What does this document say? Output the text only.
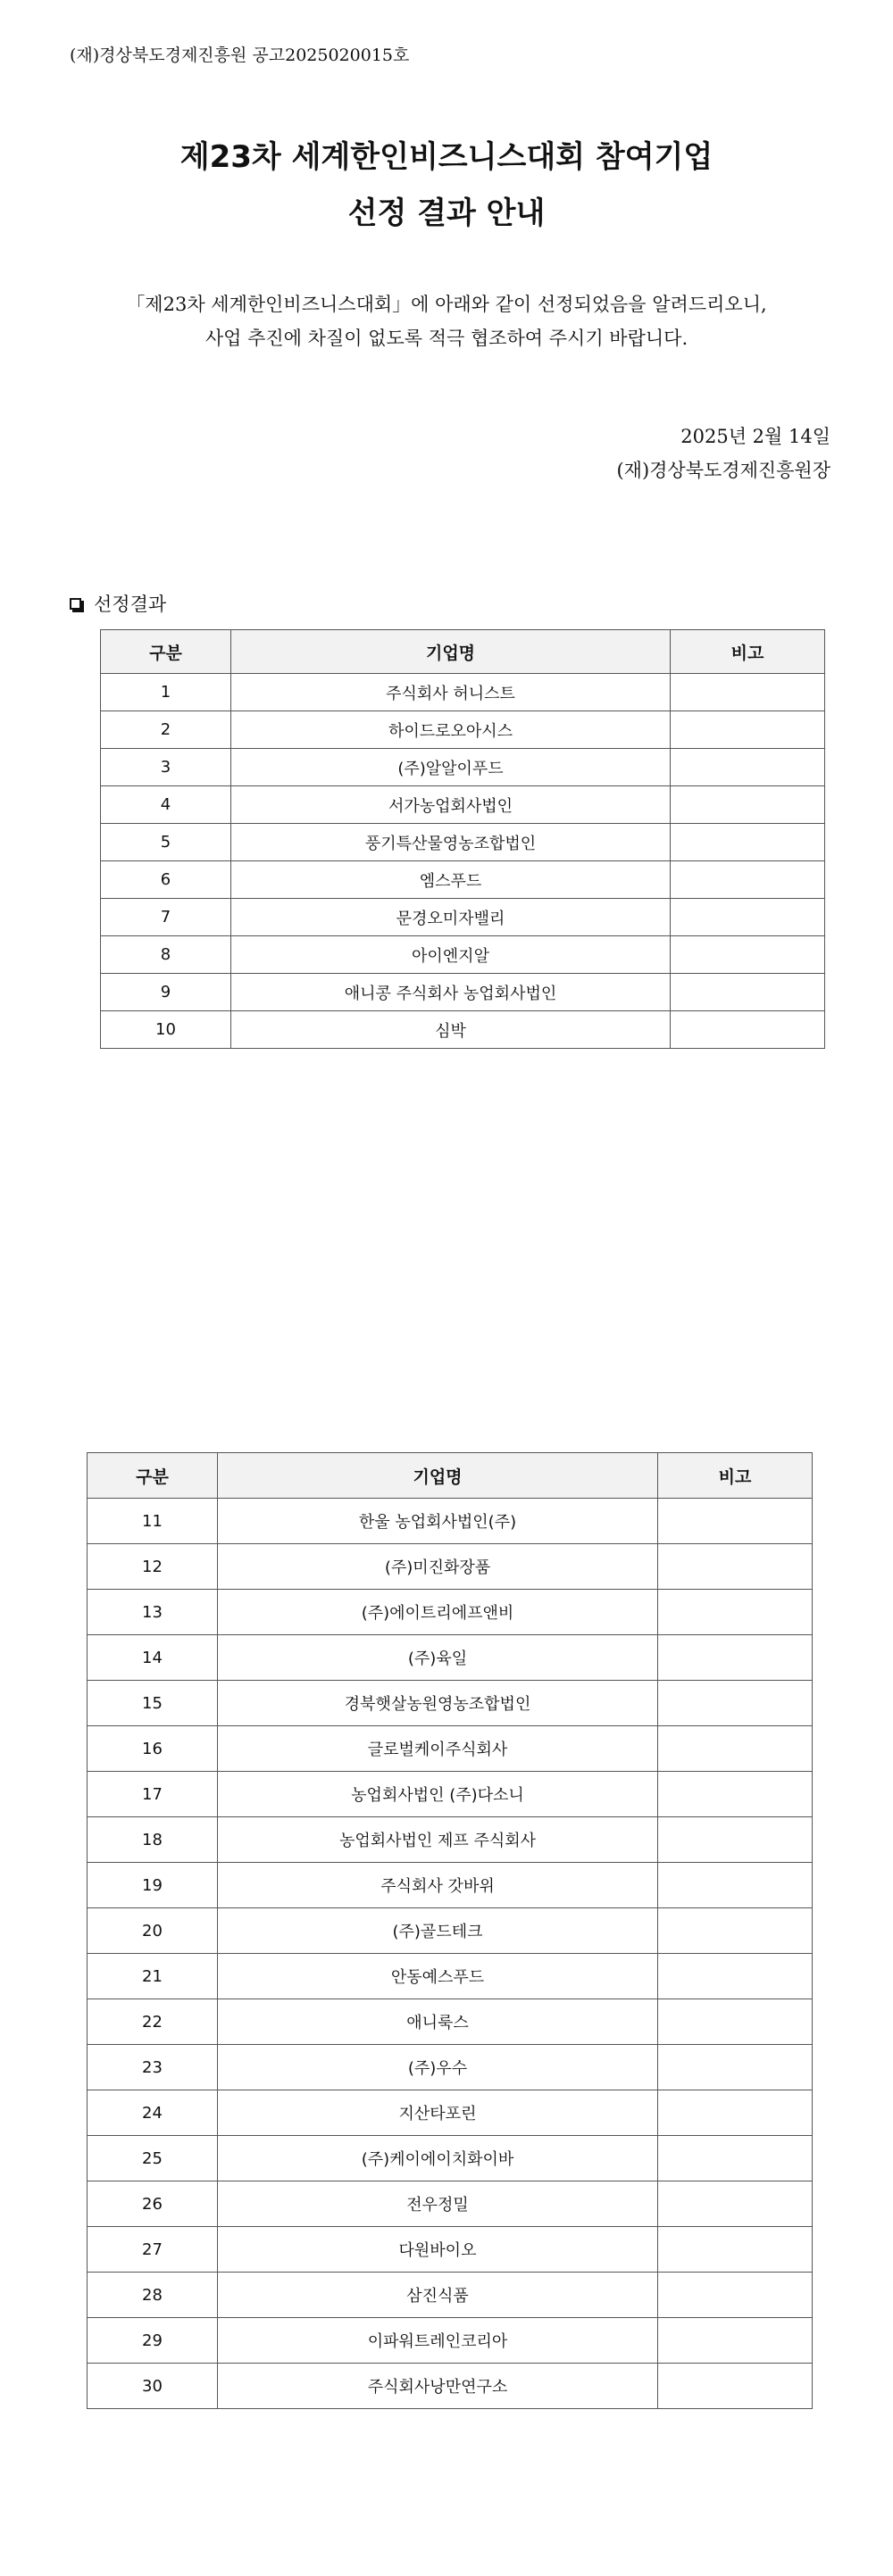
(재)경상북도경제진흥원 공고2025020015호
제23차 세계한인비즈니스대회 참여기업
선정 결과 안내
「제23차 세계한인비즈니스대회」에 아래와 같이 선정되었음을 알려드리오니,
사업 추진에 차질이 없도록 적극 협조하여 주시기 바랍니다.
2025년 2월 14일
(재)경상북도경제진흥원장
선정결과
구분	기업명	비고
1	주식회사 허니스트	
2	하이드로오아시스	
3	(주)알알이푸드	
4	서가농업회사법인	
5	풍기특산물영농조합법인	
6	엠스푸드	
7	문경오미자밸리	
8	아이엔지알	
9	애니콩 주식회사 농업회사법인	
10	심박	
구분	기업명	비고
11	한울 농업회사법인(주)	
12	(주)미진화장품	
13	(주)에이트리에프앤비	
14	(주)육일	
15	경북햇살농원영농조합법인	
16	글로벌케이주식회사	
17	농업회사법인 (주)다소니	
18	농업회사법인 제프 주식회사	
19	주식회사 갓바위	
20	(주)골드테크	
21	안동예스푸드	
22	애니룩스	
23	(주)우수	
24	지산타포린	
25	(주)케이에이치화이바	
26	전우정밀	
27	다원바이오	
28	삼진식품	
29	이파워트레인코리아	
30	주식회사낭만연구소	
